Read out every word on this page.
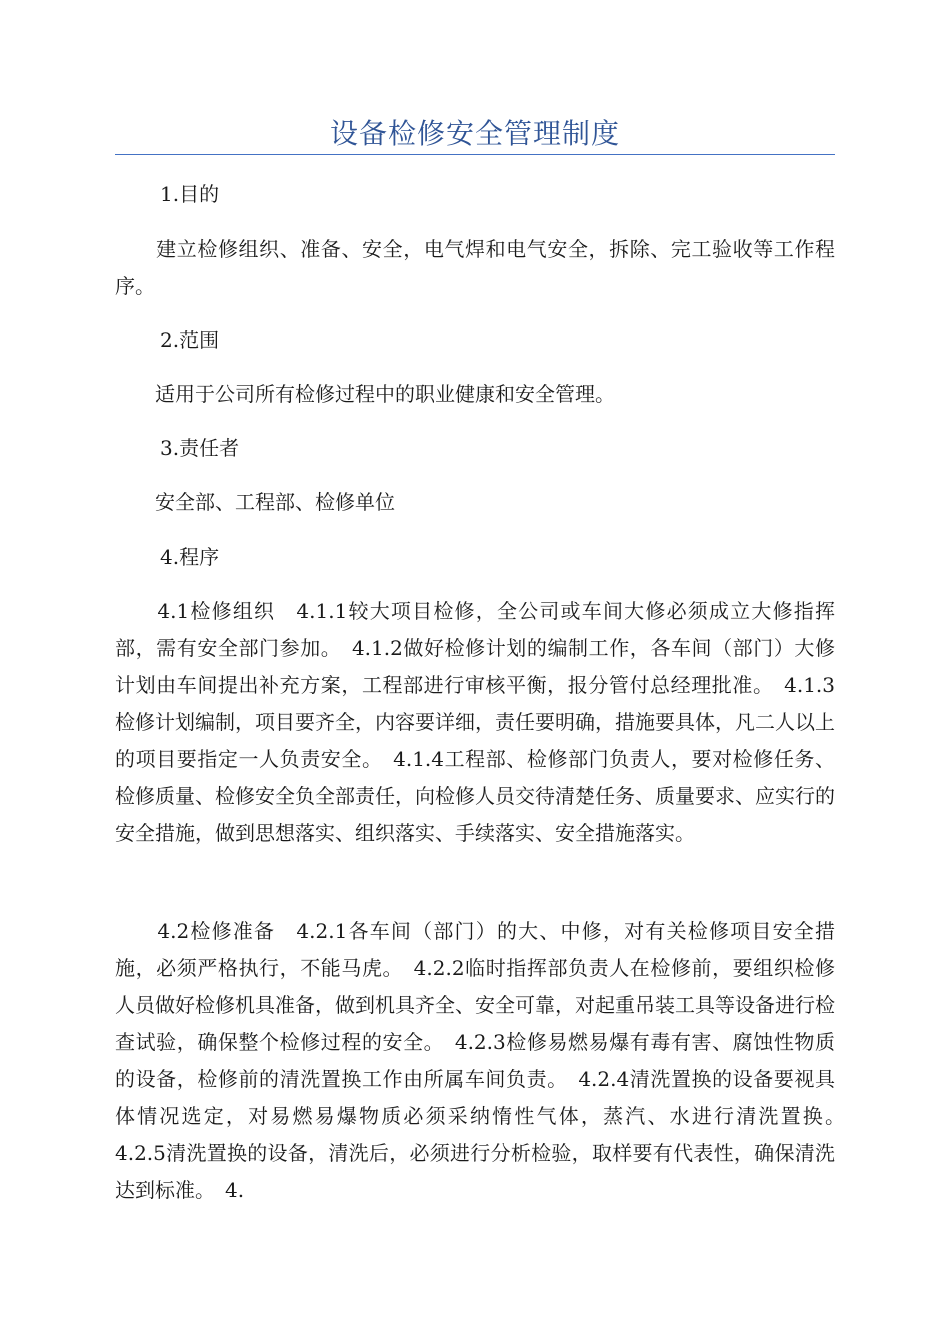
设备检修安全管理制度

1.目的

　　建立检修组织、准备、安全，电气焊和电气安全，拆除、完工验收等工作程序。

2.范围

　　适用于公司所有检修过程中的职业健康和安全管理。

3.责任者

　　安全部、工程部、检修单位

4.程序

　　4.1检修组织　4.1.1较大项目检修，全公司或车间大修必须成立大修指挥部，需有安全部门参加。　4.1.2做好检修计划的编制工作，各车间（部门）大修计划由车间提出补充方案，工程部进行审核平衡，报分管付总经理批准。　4.1.3检修计划编制，项目要齐全，内容要详细，责任要明确，措施要具体，凡二人以上的项目要指定一人负责安全。　4.1.4工程部、检修部门负责人，要对检修任务、检修质量、检修安全负全部责任，向检修人员交待清楚任务、质量要求、应实行的安全措施，做到思想落实、组织落实、手续落实、安全措施落实。

　　4.2检修准备　4.2.1各车间（部门）的大、中修，对有关检修项目安全措施，必须严格执行，不能马虎。　4.2.2临时指挥部负责人在检修前，要组织检修人员做好检修机具准备，做到机具齐全、安全可靠，对起重吊装工具等设备进行检查试验，确保整个检修过程的安全。　4.2.3检修易燃易爆有毒有害、腐蚀性物质的设备，检修前的清洗置换工作由所属车间负责。　4.2.4清洗置换的设备要视具体情况选定，对易燃易爆物质必须采纳惰性气体，蒸汽、水进行清洗置换。　4.2.5清洗置换的设备，清洗后，必须进行分析检验，取样要有代表性，确保清洗达到标准。　4.
